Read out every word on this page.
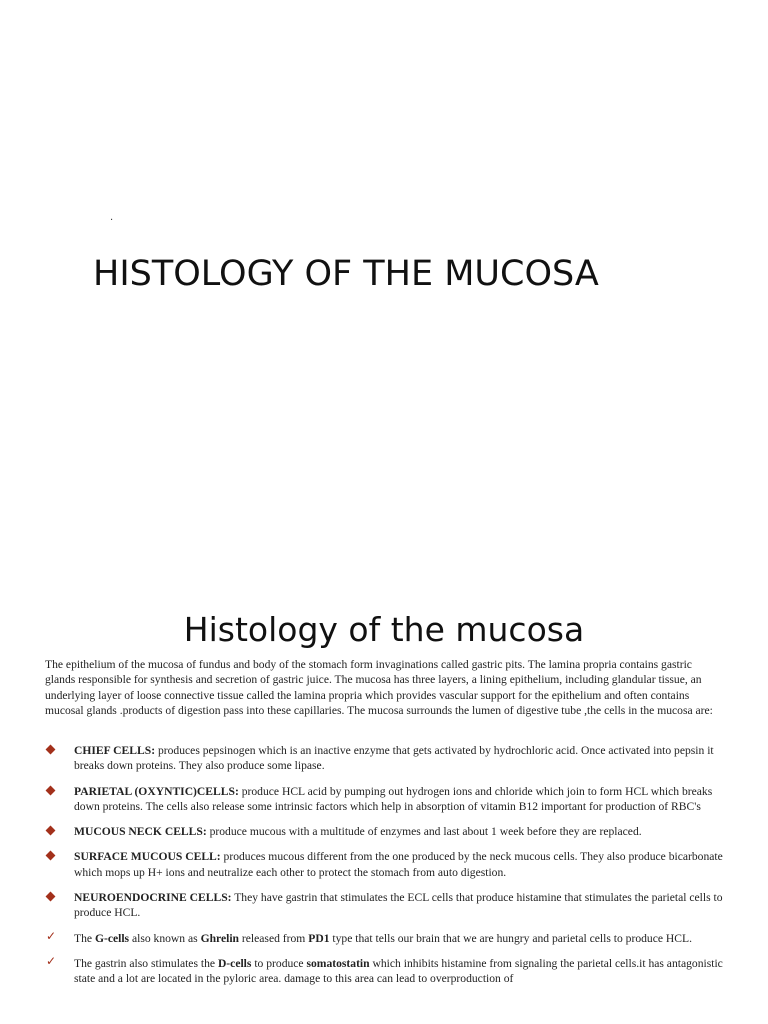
.
HISTOLOGY OF THE MUCOSA
Histology of the mucosa

The epithelium of the mucosa of fundus and body of the stomach form invaginations called gastric pits. The lamina propria contains gastric glands responsible for synthesis and secretion of gastric juice. The mucosa has three layers, a lining epithelium, including glandular tissue, an underlying layer of loose connective tissue called the lamina propria which provides vascular support for the epithelium and often contains mucosal glands .products of digestion pass into these capillaries. The mucosa surrounds the lumen of digestive tube ,the cells in the mucosa are:

CHIEF CELLS: produces pepsinogen which is an inactive enzyme that gets activated by hydrochloric acid. Once activated into pepsin it breaks down proteins. They also produce some lipase.
PARIETAL (OXYNTIC)CELLS: produce HCL acid by pumping out hydrogen ions and chloride which join to form HCL which breaks down proteins. The cells also release some intrinsic factors which help in absorption of vitamin B12 important for production of RBC's
MUCOUS NECK CELLS: produce mucous with a multitude of enzymes and last about 1 week before they are replaced.
SURFACE MUCOUS CELL: produces mucous different from the one produced by the neck mucous cells. They also produce bicarbonate which mops up H+ ions and neutralize each other to protect the stomach from auto digestion.
NEUROENDOCRINE CELLS: They have gastrin that stimulates the ECL cells that produce histamine that stimulates the parietal cells to produce HCL.
✓ The G-cells also known as Ghrelin released from PD1 type that tells our brain that we are hungry and parietal cells to produce HCL.
✓ The gastrin also stimulates the D-cells to produce somatostatin which inhibits histamine from signaling the parietal cells.it has antagonistic state and a lot are located in the pyloric area. damage to this area can lead to overproduction of
